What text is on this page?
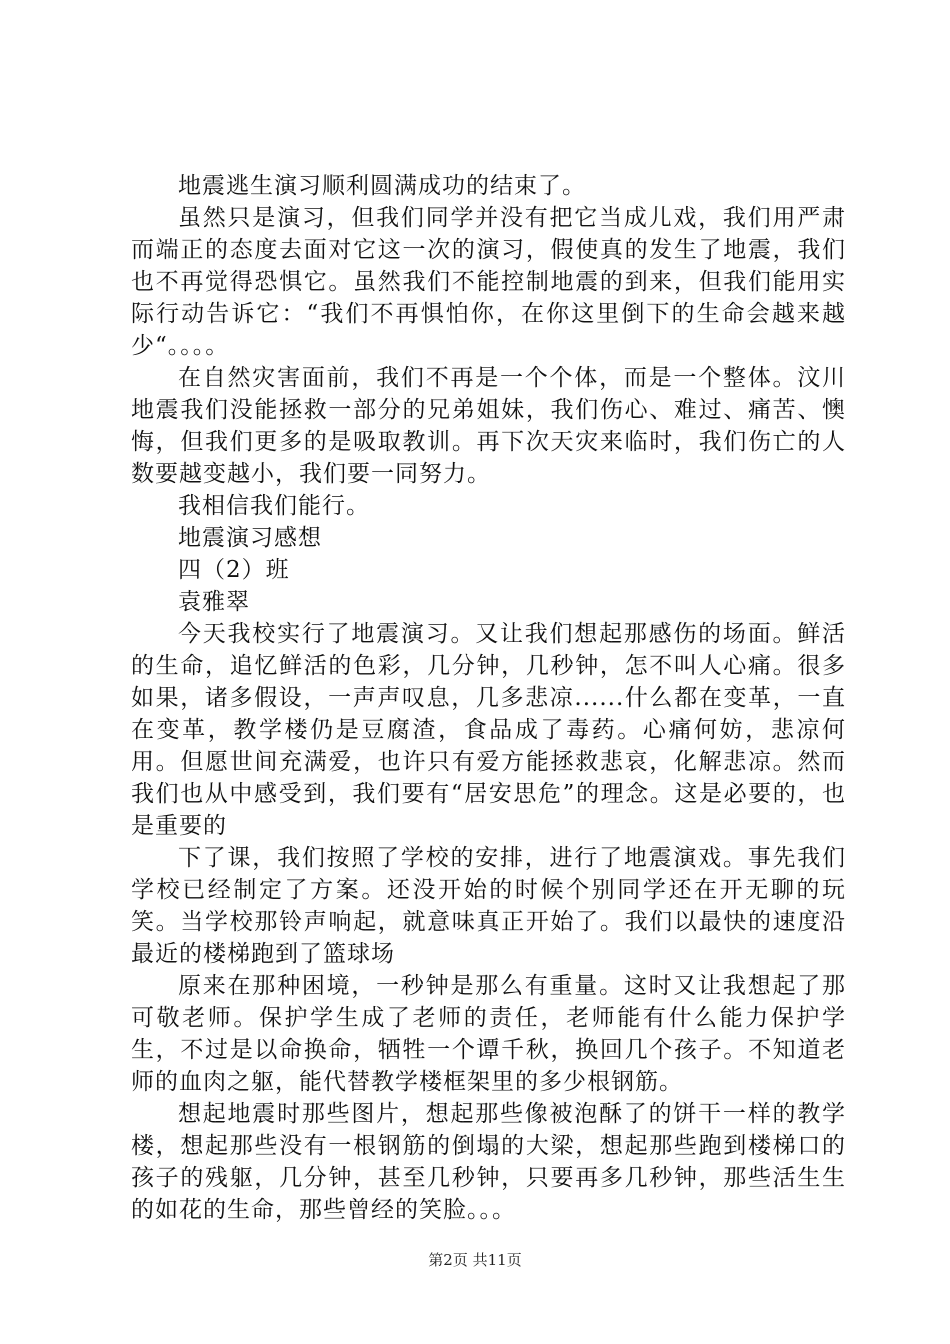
地震逃生演习顺利圆满成功的结束了。

虽然只是演习，但我们同学并没有把它当成儿戏，我们用严肃而端正的态度去面对它这一次的演习，假使真的发生了地震，我们也不再觉得恐惧它。虽然我们不能控制地震的到来，但我们能用实际行动告诉它：“我们不再惧怕你，在你这里倒下的生命会越来越少“。。。。

在自然灾害面前，我们不再是一个个体，而是一个整体。汶川地震我们没能拯救一部分的兄弟姐妹，我们伤心、难过、痛苦、懊悔，但我们更多的是吸取教训。再下次天灾来临时，我们伤亡的人数要越变越小，我们要一同努力。

我相信我们能行。

地震演习感想

四（2）班

袁雅翠

今天我校实行了地震演习。又让我们想起那感伤的场面。鲜活的生命，追忆鲜活的色彩，几分钟，几秒钟，怎不叫人心痛。很多如果，诸多假设，一声声叹息，几多悲凉......什么都在变革，一直在变革，教学楼仍是豆腐渣，食品成了毒药。心痛何妨，悲凉何用。但愿世间充满爱，也许只有爱方能拯救悲哀，化解悲凉。然而我们也从中感受到，我们要有“居安思危”的理念。这是必要的，也是重要的

下了课，我们按照了学校的安排，进行了地震演戏。事先我们学校已经制定了方案。还没开始的时候个别同学还在开无聊的玩笑。当学校那铃声响起，就意味真正开始了。我们以最快的速度沿最近的楼梯跑到了篮球场

原来在那种困境，一秒钟是那么有重量。这时又让我想起了那可敬老师。保护学生成了老师的责任，老师能有什么能力保护学生，不过是以命换命，牺牲一个谭千秋，换回几个孩子。不知道老师的血肉之躯，能代替教学楼框架里的多少根钢筋。

想起地震时那些图片，想起那些像被泡酥了的饼干一样的教学楼，想起那些没有一根钢筋的倒塌的大梁，想起那些跑到楼梯口的孩子的残躯，几分钟，甚至几秒钟，只要再多几秒钟，那些活生生的如花的生命，那些曾经的笑脸。。。

第2页 共11页
